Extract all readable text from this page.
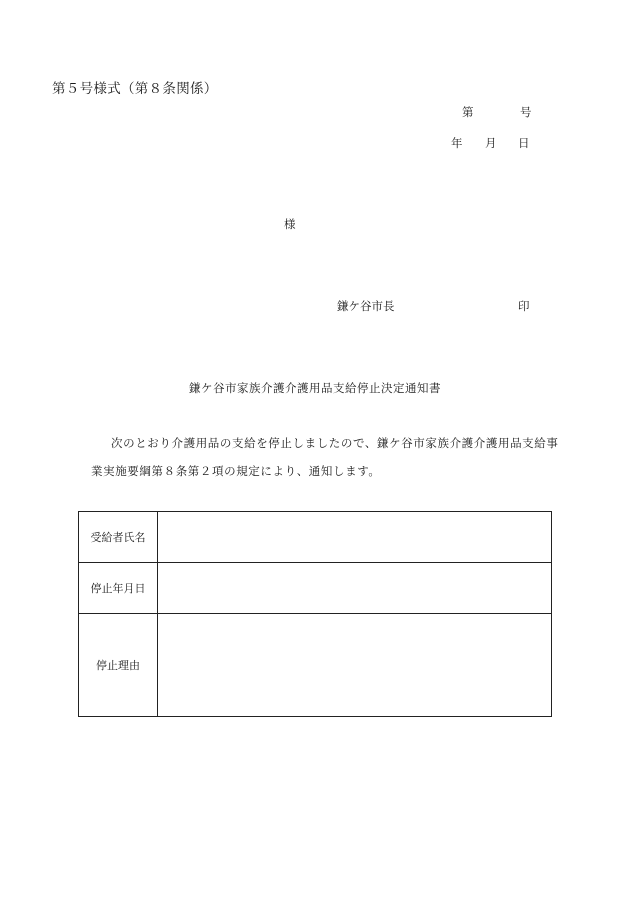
第５号様式（第８条関係）
第	号
年 月 日
様
鎌ケ谷市長	印
鎌ケ谷市家族介護介護用品支給停止決定通知書
次のとおり介護用品の支給を停止しましたので、鎌ケ谷市家族介護介護用品支給事
業実施要綱第８条第２項の規定により、通知します。
受給者氏名	
停止年月日	
停止理由	
